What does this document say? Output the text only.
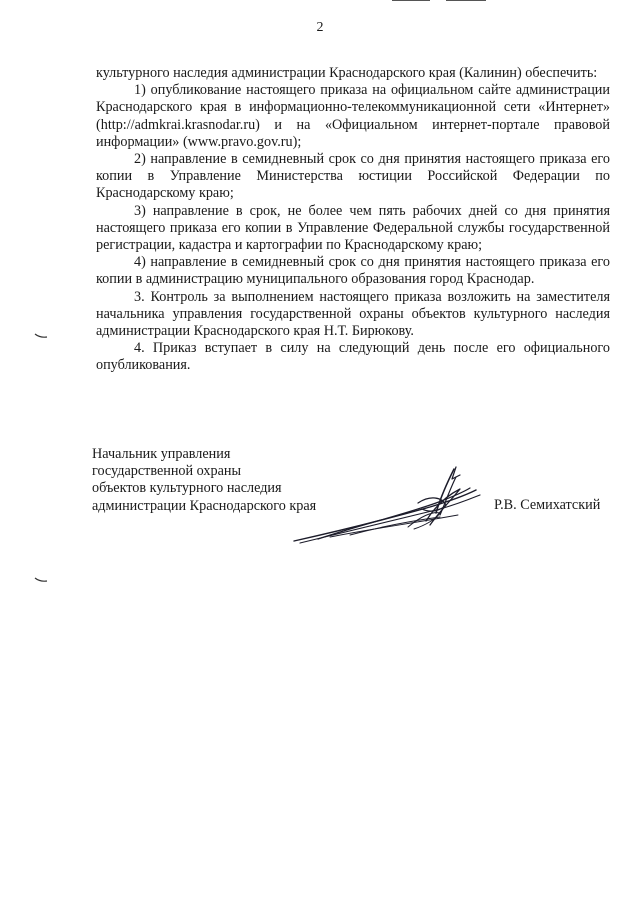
2

культурного наследия администрации Краснодарского края (Калинин) обеспечить:

1) опубликование настоящего приказа на официальном сайте администрации Краснодарского края в информационно-телекоммуникационной сети «Интернет» (http://admkrai.krasnodar.ru) и на «Официальном интернет-портале правовой информации» (www.pravo.gov.ru);

2) направление в семидневный срок со дня принятия настоящего приказа его копии в Управление Министерства юстиции Российской Федерации по Краснодарскому краю;

3) направление в срок, не более чем пять рабочих дней со дня принятия настоящего приказа его копии в Управление Федеральной службы государственной регистрации, кадастра и картографии по Краснодарскому краю;

4) направление в семидневный срок со дня принятия настоящего приказа его копии в администрацию муниципального образования город Краснодар.

3. Контроль за выполнением настоящего приказа возложить на заместителя начальника управления государственной охраны объектов культурного наследия администрации Краснодарского края Н.Т. Бирюкову.

4. Приказ вступает в силу на следующий день после его официального опубликования.

Начальник управления
государственной охраны
объектов культурного наследия
администрации Краснодарского края	Р.В. Семихатский
